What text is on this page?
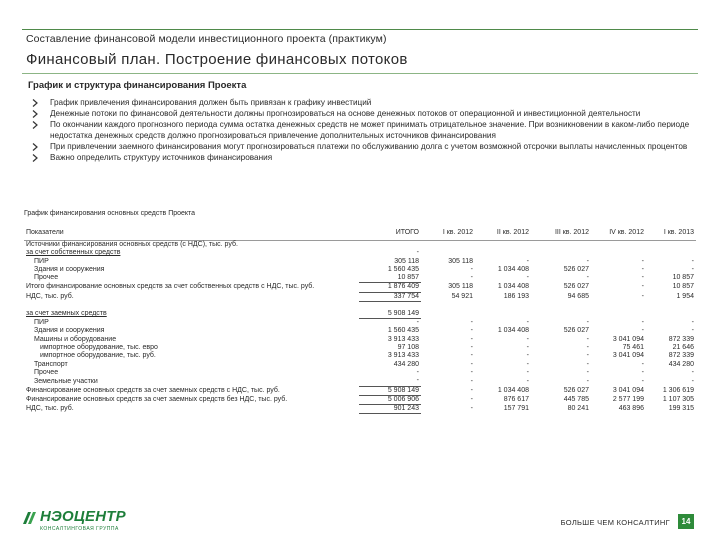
Составление финансовой модели инвестиционного проекта (практикум)
Финансовый план. Построение финансовых потоков
График и структура финансирования Проекта
График привлечения финансирования должен быть привязан к графику инвестиций
Денежные потоки по финансовой деятельности должны прогнозироваться на основе денежных потоков от операционной и инвестиционной деятельности
По окончании каждого прогнозного периода сумма остатка денежных средств не может принимать отрицательное значение. При возникновении в каком-либо периоде недостатка денежных средств должно прогнозироваться привлечение дополнительных источников финансирования
При привлечении заемного финансирования могут прогнозироваться платежи по обслуживанию долга с учетом возможной отсрочки выплаты начисленных процентов
Важно определить структуру источников финансирования
График финансирования основных средств Проекта
Показатели	ИТОГО	I кв. 2012	II кв. 2012	III кв. 2012	IV кв. 2012	I кв. 2013
Источники финансирования основных средств (с НДС), тыс. руб.						
за счет собственных средств	-					
ПИР	305 118	305 118	-	-	-	-
Здания и сооружения	1 560 435	-	1 034 408	526 027	-	-
Прочее	10 857	-	-	-	-	10 857
Итого финансирование основных средств за счет собственных средств с НДС, тыс. руб.	1 876 409	305 118	1 034 408	526 027	-	10 857
НДС, тыс. руб.	337 754	54 921	186 193	94 685	-	1 954

за счет заемных средств	5 908 149					
ПИР	-	-	-	-	-	-
Здания и сооружения	1 560 435	-	1 034 408	526 027	-	-
Машины и оборудование	3 913 433	-	-	-	3 041 094	872 339
импортное оборудование, тыс. евро	97 108	-	-	-	75 461	21 646
импортное оборудование, тыс. руб.	3 913 433	-	-	-	3 041 094	872 339
Транспорт	434 280	-	-	-	-	434 280
Прочее	-	-	-	-	-	-
Земельные участки	-	-	-	-	-	-
Финансирование основных средств за счет заемных средств с НДС, тыс. руб.	5 908 149	-	1 034 408	526 027	3 041 094	1 306 619
Финансирование основных средств за счет заемных средств без НДС, тыс. руб.	5 006 906	-	876 617	445 785	2 577 199	1 107 305
НДС, тыс. руб.	901 243	-	157 791	80 241	463 896	199 315
НЭОЦЕНТР
КОНСАЛТИНГОВАЯ ГРУППА
БОЛЬШЕ ЧЕМ КОНСАЛТИНГ	14
